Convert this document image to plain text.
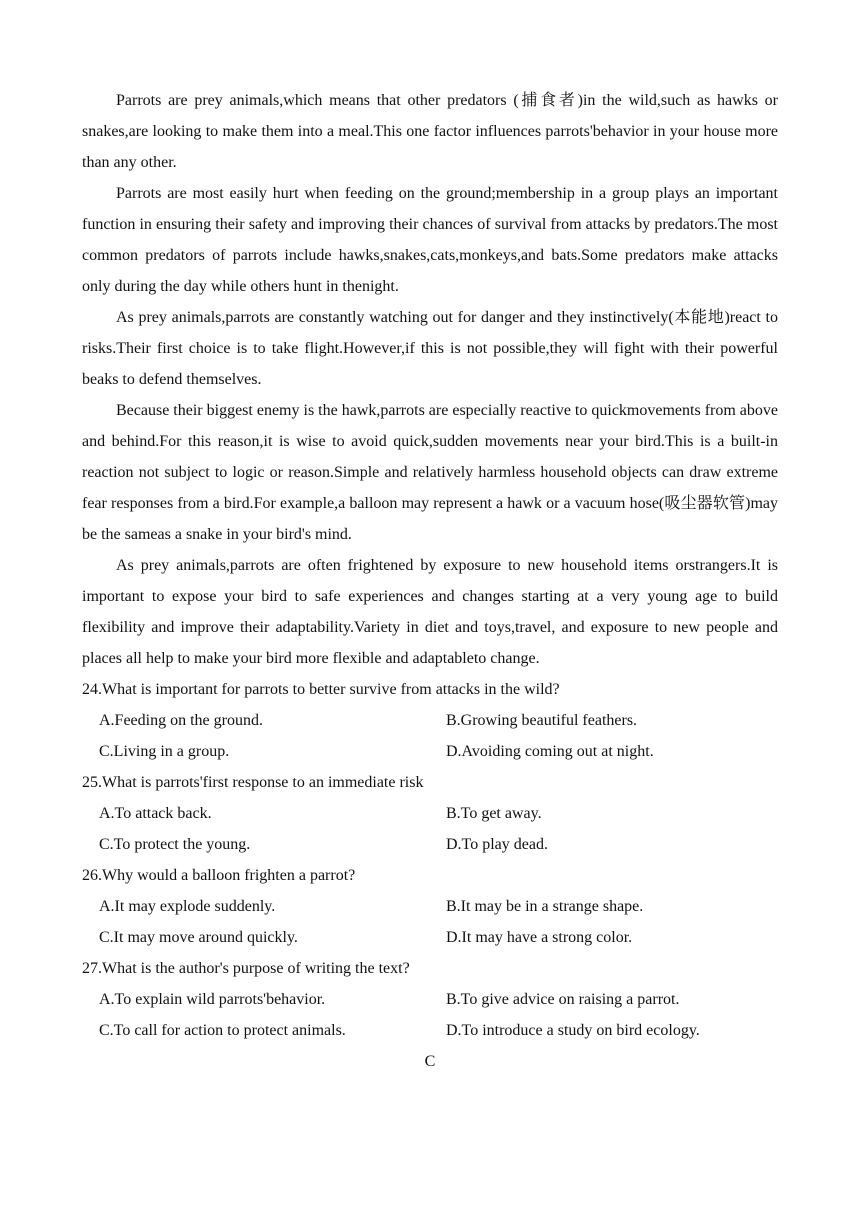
Parrots are prey animals,which means that other predators (捕食者)in the wild,such as hawks or snakes,are looking to make them into a meal.This one factor influences parrots'behavior in your house more than any other.

Parrots are most easily hurt when feeding on the ground;membership in a group plays an important function in ensuring their safety and improving their chances of survival from attacks by predators.The most common predators of parrots include hawks,snakes,cats,monkeys,and bats.Some predators make attacks only during the day while others hunt in thenight.

As prey animals,parrots are constantly watching out for danger and they instinctively(本能地)react to risks.Their first choice is to take flight.However,if this is not possible,they will fight with their powerful beaks to defend themselves.

Because their biggest enemy is the hawk,parrots are especially reactive to quickmovements from above and behind.For this reason,it is wise to avoid quick,sudden movements near your bird.This is a built-in reaction not subject to logic or reason.Simple and relatively harmless household objects can draw extreme fear responses from a bird.For example,a balloon may represent a hawk or a vacuum hose(吸尘器软管)may be the sameas a snake in your bird's mind.

As prey animals,parrots are often frightened by exposure to new household items orstrangers.It is important to expose your bird to safe experiences and changes starting at a very young age to build flexibility and improve their adaptability.Variety in diet and toys,travel, and exposure to new people and places all help to make your bird more flexible and adaptableto change.

24.What is important for parrots to better survive from attacks in the wild?

A.Feeding on the ground.	B.Growing beautiful feathers.
C.Living in a group.	D.Avoiding coming out at night.

25.What is parrots'first response to an immediate risk

A.To attack back.	B.To get away.
C.To protect the young.	D.To play dead.

26.Why would a balloon frighten a parrot?

A.It may explode suddenly.	B.It may be in a strange shape.
C.It may move around quickly.	D.It may have a strong color.

27.What is the author's purpose of writing the text?

A.To explain wild parrots'behavior.	B.To give advice on raising a parrot.
C.To call for action to protect animals.	D.To introduce a study on bird ecology.

C
